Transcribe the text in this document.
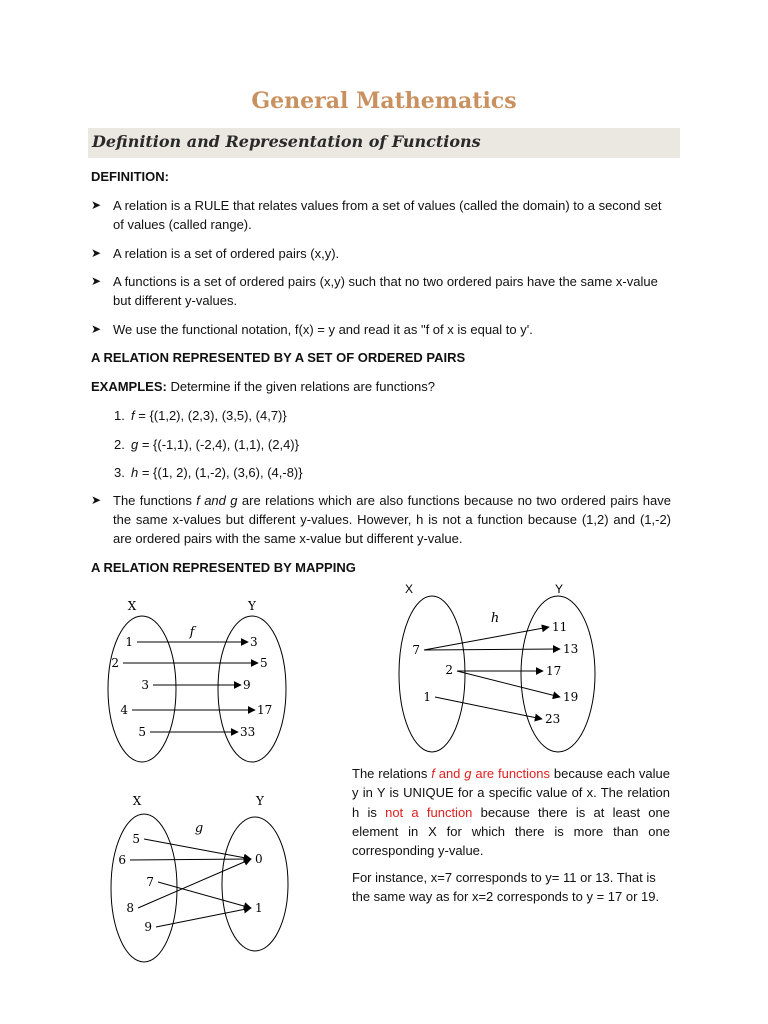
General Mathematics
Definition and Representation of Functions
DEFINITION:
➤ A relation is a RULE that relates values from a set of values (called the domain) to a second set of values (called range).
➤ A relation is a set of ordered pairs (x,y).
➤ A functions is a set of ordered pairs (x,y) such that no two ordered pairs have the same x-value but different y-values.
➤ We use the functional notation, f(x) = y and read it as "f of x is equal to y'.
A RELATION REPRESENTED BY A SET OF ORDERED PAIRS
EXAMPLES: Determine if the given relations are functions?
1. f = {(1,2), (2,3), (3,5), (4,7)}
2. g = {(-1,1), (-2,4), (1,1), (2,4)}
3. h = {(1, 2), (1,-2), (3,6), (4,-8)}
➤ The functions f and g are relations which are also functions because no two ordered pairs have the same x-values but different y-values. However, h is not a function because (1,2) and (1,-2) are ordered pairs with the same x-value but different y-value.
A RELATION REPRESENTED BY MAPPING
X	Y
f
1
2
3
4
5
3
5
9
17
33
X	Y
h
7
2
1
11
13
17
19
23
X	Y
g
5
6
7
8
9
0
1
The relations f and g are functions because each value y in Y is UNIQUE for a specific value of x. The relation h is not a function because there is at least one element in X for which there is more than one corresponding y-value.
For instance, x=7 corresponds to y= 11 or 13. That is the same way as for x=2 corresponds to y = 17 or 19.
